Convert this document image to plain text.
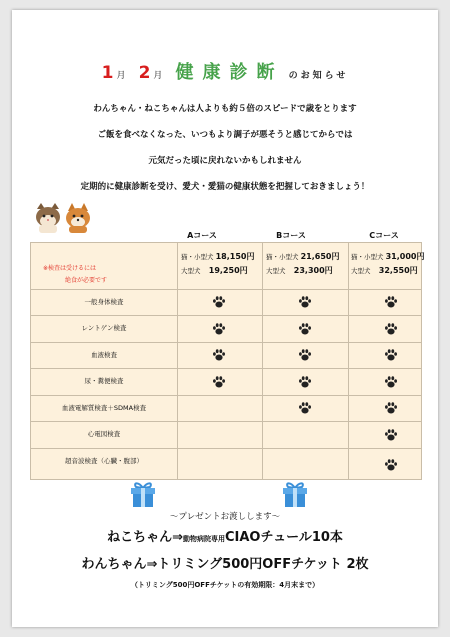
1 月 2 月 健康診断 のお知らせ
わんちゃん・ねこちゃんは人よりも約５倍のスピードで歳をとります
ご飯を食べなくなった、いつもより調子が悪そうと感じてからでは
元気だった頃に戻れないかもしれません
定期的に健康診断を受け、愛犬・愛猫の健康状態を把握しておきましょう！
Aコース	Bコース	Cコース
※検査は受けるには
絶食が必要です
猫・小型犬 18,150円
大型犬 19,250円
猫・小型犬 21,650円
大型犬 23,300円
猫・小型犬 31,000円
大型犬 32,550円
一般身体検査
レントゲン検査
血液検査
尿・糞便検査
血液電解質検査＋SDMA検査
心電図検査
超音波検査（心臓・腹部）
～プレゼントお渡しします～
ねこちゃん⇒動物病院専用CIAOチュール10本
わんちゃん⇒トリミング500円OFFチケット 2枚
（トリミング500円OFFチケットの有効期限：4月末まで）
